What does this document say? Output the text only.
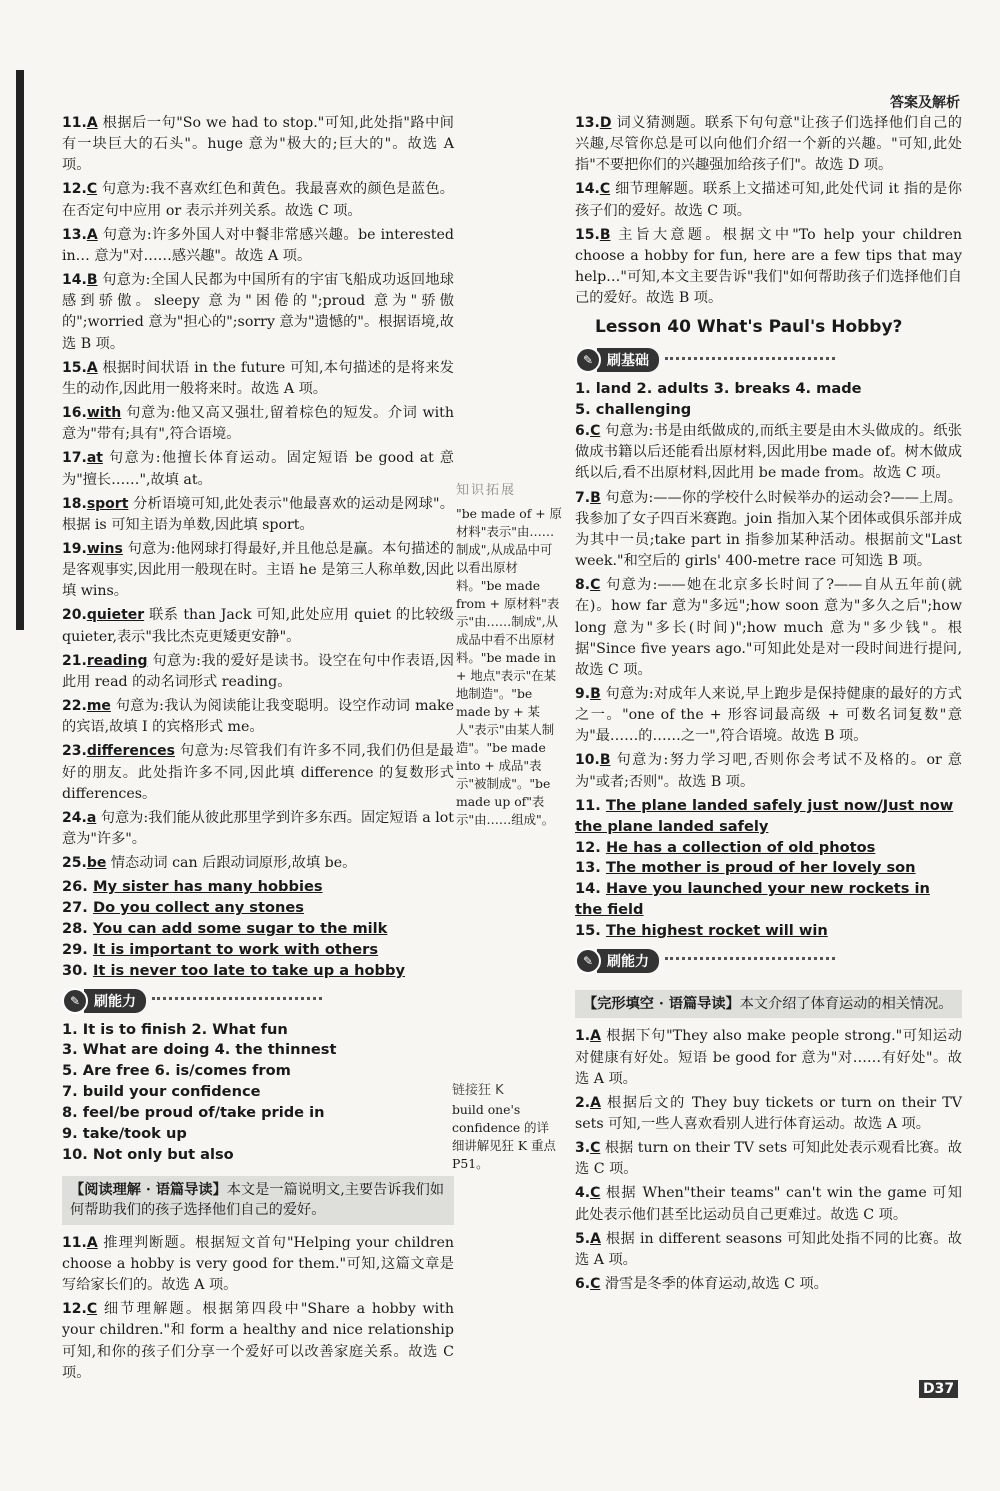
答案及解析
11.A 根据后一句"So we had to stop."可知,此处指"路中间有一块巨大的石头"。huge 意为"极大的;巨大的"。故选 A 项。
12.C 句意为:我不喜欢红色和黄色。我最喜欢的颜色是蓝色。在否定句中应用 or 表示并列关系。故选 C 项。
13.A 句意为:许多外国人对中餐非常感兴趣。be interested in… 意为"对……感兴趣"。故选 A 项。
14.B 句意为:全国人民都为中国所有的宇宙飞船成功返回地球感到骄傲。sleepy 意为"困倦的";proud 意为"骄傲的";worried 意为"担心的";sorry 意为"遗憾的"。根据语境,故选 B 项。
15.A 根据时间状语 in the future 可知,本句描述的是将来发生的动作,因此用一般将来时。故选 A 项。
16.with 句意为:他又高又强壮,留着棕色的短发。介词 with 意为"带有;具有",符合语境。
17.at 句意为:他擅长体育运动。固定短语 be good at 意为"擅长……",故填 at。
18.sport 分析语境可知,此处表示"他最喜欢的运动是网球"。根据 is 可知主语为单数,因此填 sport。
19.wins 句意为:他网球打得最好,并且他总是赢。本句描述的是客观事实,因此用一般现在时。主语 he 是第三人称单数,因此填 wins。
20.quieter 联系 than Jack 可知,此处应用 quiet 的比较级 quieter,表示"我比杰克更矮更安静"。
21.reading 句意为:我的爱好是读书。设空在句中作表语,因此用 read 的动名词形式 reading。
22.me 句意为:我认为阅读能让我变聪明。设空作动词 make 的宾语,故填 I 的宾格形式 me。
23.differences 句意为:尽管我们有许多不同,我们仍但是最好的朋友。此处指许多不同,因此填 difference 的复数形式 differences。
24.a 句意为:我们能从彼此那里学到许多东西。固定短语 a lot 意为"许多"。
25.be 情态动词 can 后跟动词原形,故填 be。
26. My sister has many hobbies
27. Do you collect any stones
28. You can add some sugar to the milk
29. It is important to work with others
30. It is never too late to take up a hobby
✎ 刷能力
1. It is to finish 2. What fun
3. What are doing 4. the thinnest
5. Are free 6. is/comes from
7. build your confidence
8. feel/be proud of/take pride in
9. take/took up
10. Not only but also
【阅读理解 · 语篇导读】本文是一篇说明文,主要告诉我们如何帮助我们的孩子选择他们自己的爱好。
11.A 推理判断题。根据短文首句"Helping your children choose a hobby is very good for them."可知,这篇文章是写给家长们的。故选 A 项。
12.C 细节理解题。根据第四段中"Share a hobby with your children."和 form a healthy and nice relationship 可知,和你的孩子们分享一个爱好可以改善家庭关系。故选 C 项。
知识拓展
"be made of + 原材料"表示"由……制成",从成品中可以看出原材料。"be made from + 原材料"表示"由……制成",从成品中看不出原材料。"be made in + 地点"表示"在某地制造"。"be made by + 某人"表示"由某人制造"。"be made into + 成品"表示"被制成"。"be made up of"表示"由……组成"。
链接狂 K
build one's confidence 的详细讲解见狂 K 重点 P51。
13.D 词义猜测题。联系下句句意"让孩子们选择他们自己的兴趣,尽管你总是可以向他们介绍一个新的兴趣。"可知,此处指"不要把你们的兴趣强加给孩子们"。故选 D 项。
14.C 细节理解题。联系上文描述可知,此处代词 it 指的是你孩子们的爱好。故选 C 项。
15.B 主旨大意题。根据文中"To help your children choose a hobby for fun, here are a few tips that may help…"可知,本文主要告诉"我们"如何帮助孩子们选择他们自己的爱好。故选 B 项。
Lesson 40 What's Paul's Hobby?
✎ 刷基础
1. land 2. adults 3. breaks 4. made
5. challenging
6.C 句意为:书是由纸做成的,而纸主要是由木头做成的。纸张做成书籍以后还能看出原材料,因此用be made of。树木做成纸以后,看不出原材料,因此用 be made from。故选 C 项。
7.B 句意为:——你的学校什么时候举办的运动会?——上周。我参加了女子四百米赛跑。join 指加入某个团体或俱乐部并成为其中一员;take part in 指参加某种活动。根据前文"Last week."和空后的 girls' 400-metre race 可知选 B 项。
8.C 句意为:——她在北京多长时间了?——自从五年前(就在)。how far 意为"多远";how soon 意为"多久之后";how long 意为"多长(时间)";how much 意为"多少钱"。根据"Since five years ago."可知此处是对一段时间进行提问,故选 C 项。
9.B 句意为:对成年人来说,早上跑步是保持健康的最好的方式之一。"one of the + 形容词最高级 + 可数名词复数"意为"最……的……之一",符合语境。故选 B 项。
10.B 句意为:努力学习吧,否则你会考试不及格的。or 意为"或者;否则"。故选 B 项。
11. The plane landed safely just now/Just now the plane landed safely
12. He has a collection of old photos
13. The mother is proud of her lovely son
14. Have you launched your new rockets in the field
15. The highest rocket will win
✎ 刷能力
【完形填空 · 语篇导读】本文介绍了体育运动的相关情况。
1.A 根据下句"They also make people strong."可知运动对健康有好处。短语 be good for 意为"对……有好处"。故选 A 项。
2.A 根据后文的 They buy tickets or turn on their TV sets 可知,一些人喜欢看别人进行体育运动。故选 A 项。
3.C 根据 turn on their TV sets 可知此处表示观看比赛。故选 C 项。
4.C 根据 When"their teams" can't win the game 可知此处表示他们甚至比运动员自己更难过。故选 C 项。
5.A 根据 in different seasons 可知此处指不同的比赛。故选 A 项。
6.C 滑雪是冬季的体育运动,故选 C 项。
D37
